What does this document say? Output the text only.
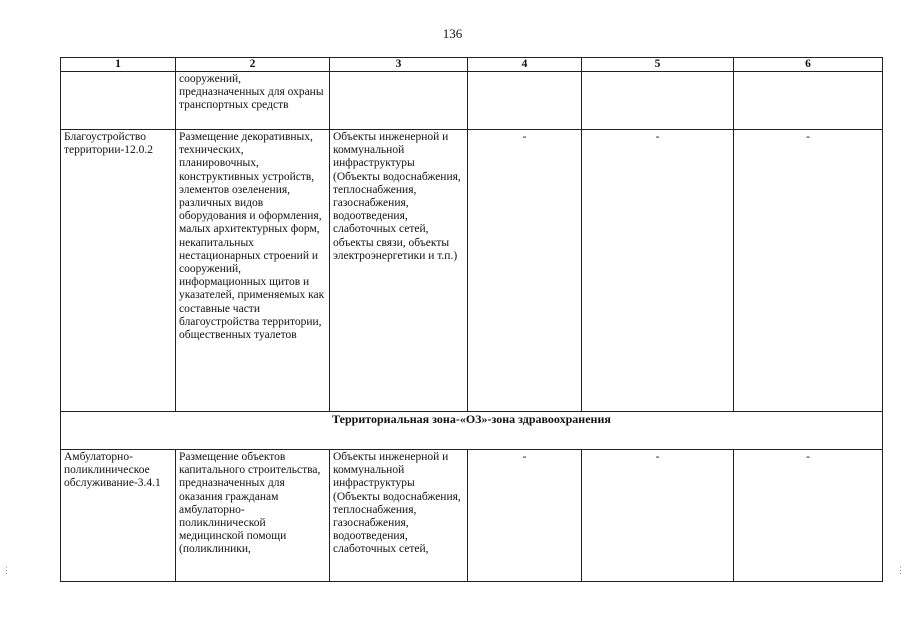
136
1	2	3	4	5	6
	сооружений, предназначенных для охраны транспортных средств				
Благоустройство территории-12.0.2	Размещение декоративных, технических, планировочных, конструктивных устройств, элементов озеленения, различных видов оборудования и оформления, малых архитектурных форм, некапитальных нестационарных строений и сооружений, информационных щитов и указателей, применяемых как составные части благоустройства территории, общественных туалетов	Объекты инженерной и коммунальной инфраструктуры (Объекты водоснабжения, теплоснабжения, газоснабжения, водоотведения, слаботочных сетей, объекты связи, объекты электроэнергетики и т.п.)	-	-	-
Территориальная зона-«ОЗ»-зона здравоохранения					
Амбулаторно-поликлиническое обслуживание-3.4.1	Размещение объектов капитального строительства, предназначенных для оказания гражданам амбулаторно-поликлинической медицинской помощи (поликлиники,	Объекты инженерной и коммунальной инфраструктуры (Объекты водоснабжения, теплоснабжения, газоснабжения, водоотведения, слаботочных сетей,	-	-	-
⋮	⋮
